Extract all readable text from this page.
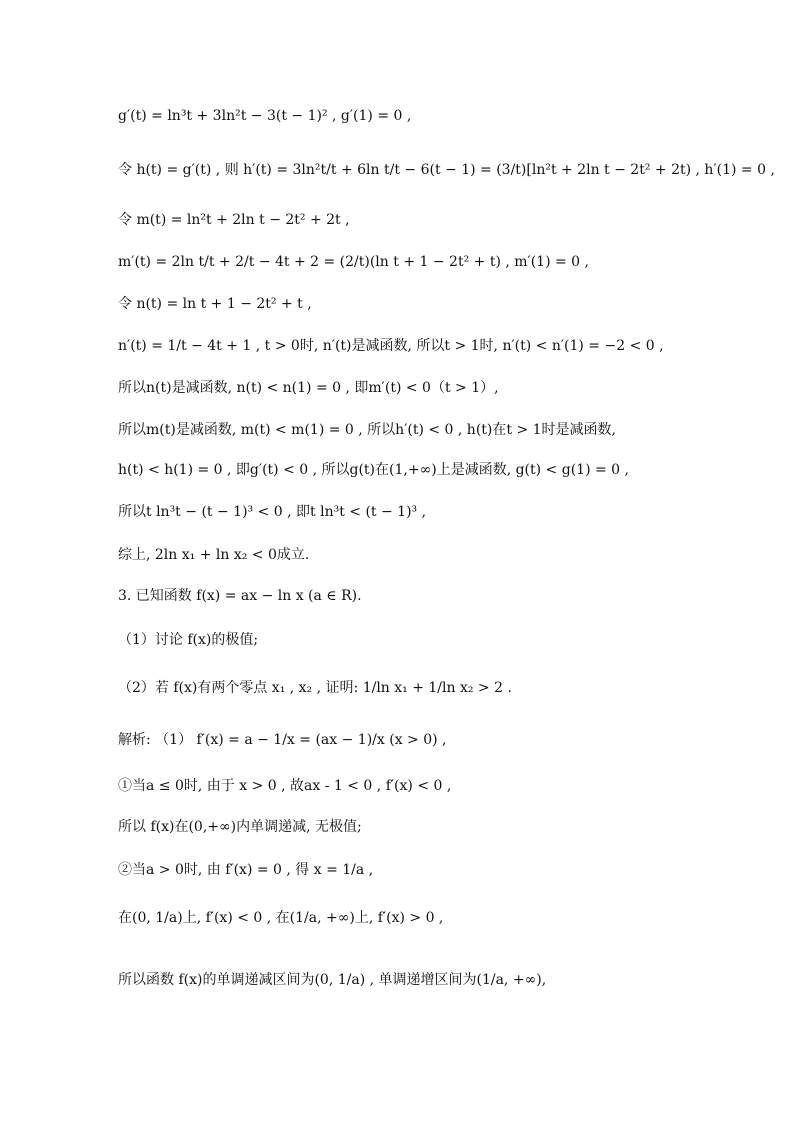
g′(t) = ln³t + 3ln²t − 3(t − 1)² , g′(1) = 0 ,
令 h(t) = g′(t) , 则 h′(t) = 3ln²t/t + 6ln t/t − 6(t − 1) = (3/t)[ln²t + 2ln t − 2t² + 2t) , h′(1) = 0 ,
令 m(t) = ln²t + 2ln t − 2t² + 2t ,
m′(t) = 2ln t/t + 2/t − 4t + 2 = (2/t)(ln t + 1 − 2t² + t) , m′(1) = 0 ,
令 n(t) = ln t + 1 − 2t² + t ,
n′(t) = 1/t − 4t + 1 , t > 0时, n′(t)是减函数, 所以t > 1时, n′(t) < n′(1) = −2 < 0 ,
所以n(t)是减函数, n(t) < n(1) = 0 , 即m′(t) < 0（t > 1）,
所以m(t)是减函数, m(t) < m(1) = 0 , 所以h′(t) < 0 , h(t)在t > 1时是减函数,
h(t) < h(1) = 0 , 即g′(t) < 0 , 所以g(t)在(1,+∞)上是减函数, g(t) < g(1) = 0 ,
所以t ln³t − (t − 1)³ < 0 , 即t ln³t < (t − 1)³ ,
综上, 2ln x₁ + ln x₂ < 0成立.
3. 已知函数 f(x) = ax − ln x (a ∈ R).
（1）讨论 f(x)的极值;
（2）若 f(x)有两个零点 x₁ , x₂ , 证明: 1/ln x₁ + 1/ln x₂ > 2 .
解析: （1） f′(x) = a − 1/x = (ax − 1)/x (x > 0) ,
①当a ≤ 0时, 由于 x > 0 , 故ax - 1 < 0 , f′(x) < 0 ,
所以 f(x)在(0,+∞)内单调递减, 无极值;
②当a > 0时, 由 f′(x) = 0 , 得 x = 1/a ,
在(0, 1/a)上, f′(x) < 0 , 在(1/a, +∞)上, f′(x) > 0 ,
所以函数 f(x)的单调递减区间为(0, 1/a) , 单调递增区间为(1/a, +∞),
